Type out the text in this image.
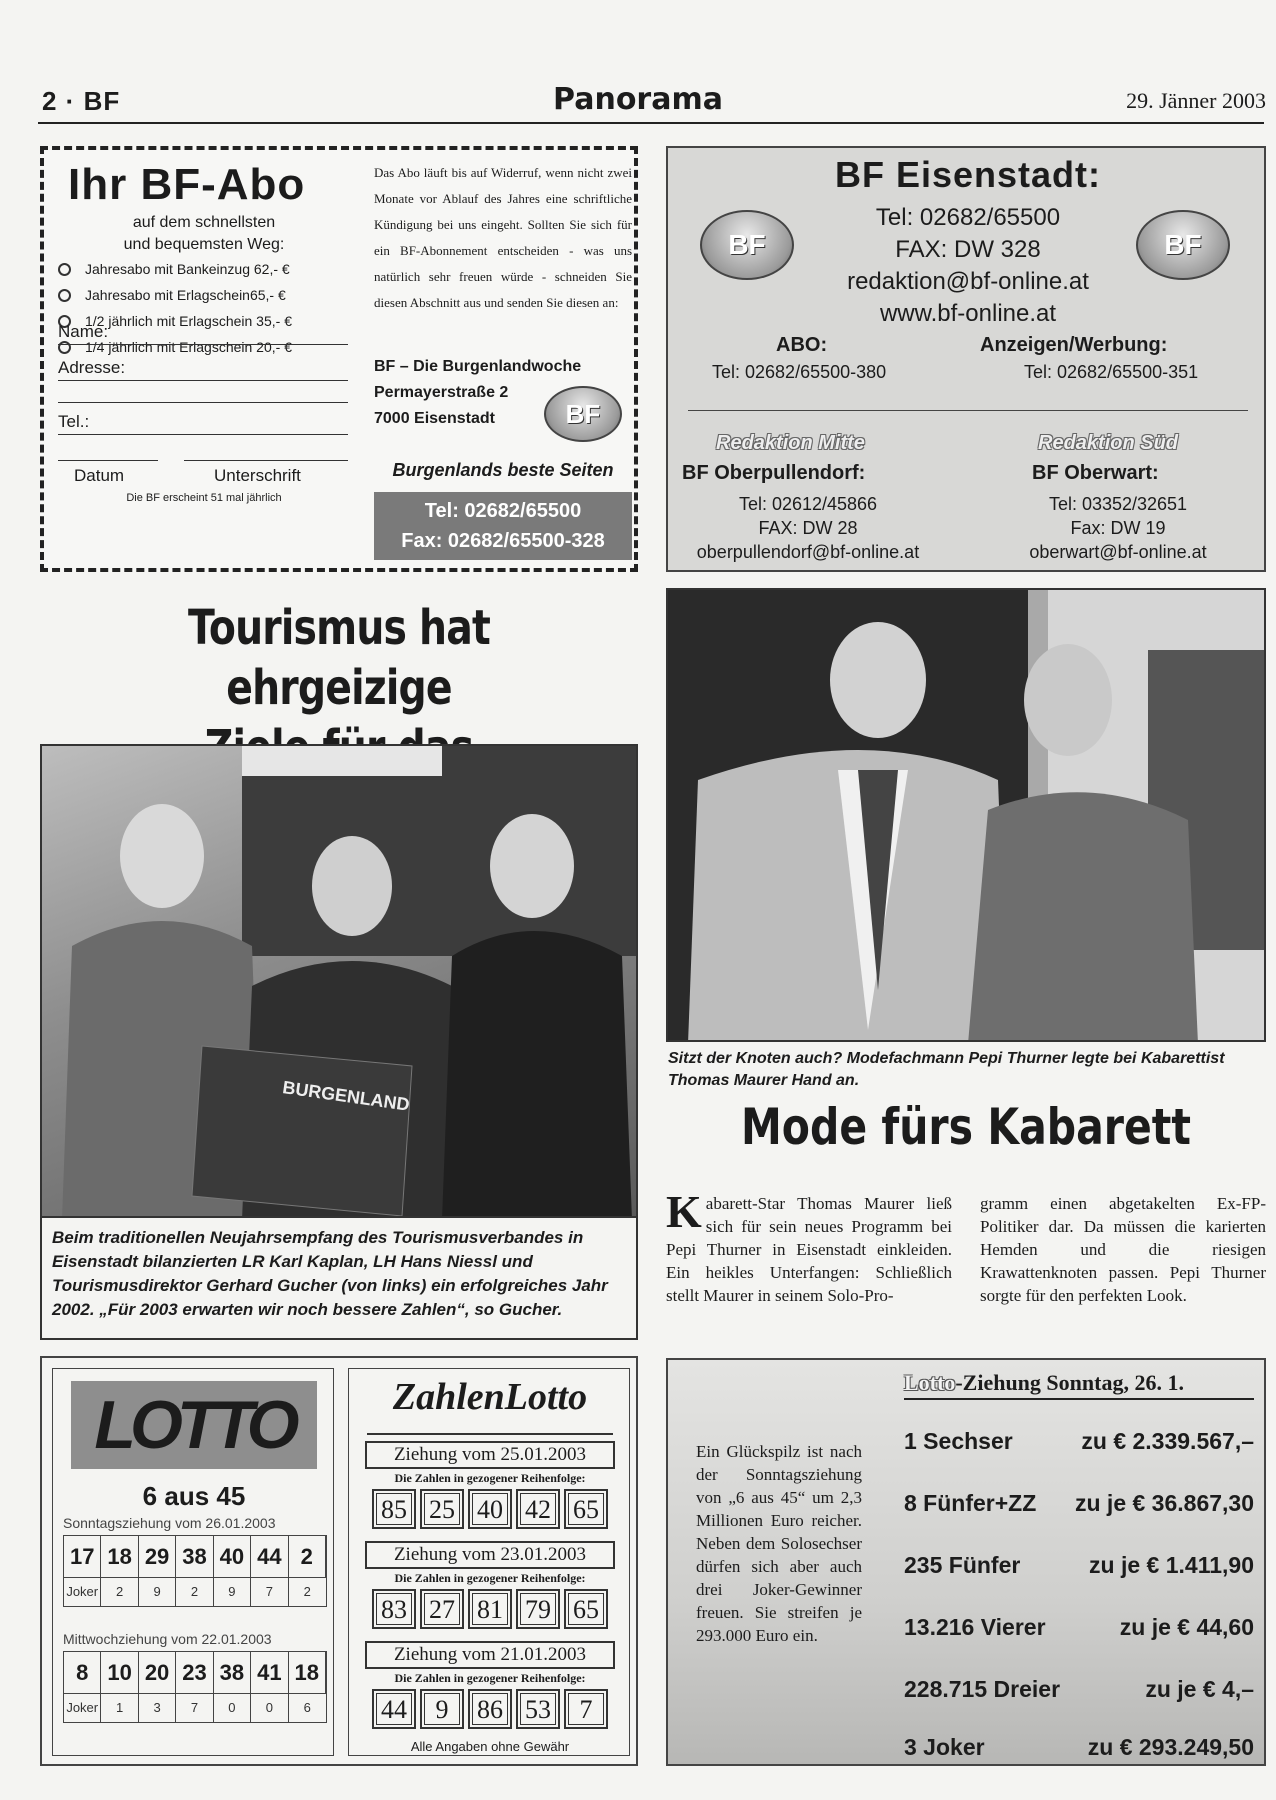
2 · BF	Panorama	29. Jänner 2003
Ihr BF-Abo
auf dem schnellsten
und bequemsten Weg:
Jahresabo mit Bankeinzug 62,- €
Jahresabo mit Erlagschein65,- €
1/2 jährlich mit Erlagschein 35,- €
1/4 jährlich mit Erlagschein 20,- €
Name:
Adresse:
Tel.:
Datum	Unterschrift
Die BF erscheint 51 mal jährlich
Das Abo läuft bis auf Widerruf, wenn nicht zwei Monate vor Ablauf des Jahres eine schriftliche Kündigung bei uns eingeht. Sollten Sie sich für ein BF-Abonnement entscheiden - was uns natürlich sehr freuen würde - schneiden Sie diesen Abschnitt aus und senden Sie diesen an:
BF – Die Burgenlandwoche
Permayerstraße 2
7000 Eisenstadt	BF
Burgenlands beste Seiten
Tel: 02682/65500
Fax: 02682/65500-328
BF Eisenstadt:
BF	BF
Tel: 02682/65500
FAX: DW 328
redaktion@bf-online.at
www.bf-online.at
ABO:
Tel: 02682/65500-380
Anzeigen/Werbung:
Tel: 02682/65500-351
Redaktion Mitte
BF Oberpullendorf:
Tel: 02612/45866
FAX: DW 28
oberpullendorf@bf-online.at
Redaktion Süd
BF Oberwart:
Tel: 03352/32651
Fax: DW 19
oberwart@bf-online.at
Tourismus hat ehrgeizige
BURGENLAND
Beim traditionellen Neujahrsempfang des Tourismusverbandes in Eisenstadt bilanzierten LR Karl Kaplan, LH Hans Niessl und Tourismusdirektor Gerhard Gucher (von links) ein erfolgreiches Jahr 2002. „Für 2003 erwarten wir noch bessere Zahlen“, so Gucher.
Sitzt der Knoten auch? Modefachmann Pepi Thurner legte bei Kabarettist Thomas Maurer Hand an.
Mode fürs Kabarett
Kabarett-Star Thomas Maurer ließ sich für sein neues Programm bei Pepi Thurner in Eisenstadt einkleiden. Ein heikles Unterfangen: Schließlich stellt Maurer in seinem Solo-Pro-
gramm einen abgetakelten Ex-FP-Politiker dar. Da müssen die karierten Hemden und die riesigen Krawattenknoten passen. Pepi Thurner sorgte für den perfekten Look.
LOTTO
6 aus 45
Sonntagsziehung vom 26.01.2003
17 18 29 38 40 44 2
Joker	2	9	2	9	7	2
Mittwochziehung vom 22.01.2003
8 10 20 23 38 41 18
Joker	1	3	7	0	0	6
ZahlenLotto
Ziehung vom 25.01.2003
Die Zahlen in gezogener Reihenfolge:
85 25 40 42 65
Ziehung vom 23.01.2003
Die Zahlen in gezogener Reihenfolge:
83 27 81 79 65
Ziehung vom 21.01.2003
Die Zahlen in gezogener Reihenfolge:
44	9	86 53	7
Alle Angaben ohne Gewähr
Lotto-Ziehung Sonntag, 26. 1.
Ein Glückspilz ist nach der Sonntagsziehung von „6 aus 45“ um 2,3 Millionen Euro reicher. Neben dem Solosechser dürfen sich aber auch drei Joker-Gewinner freuen. Sie streifen je 293.000 Euro ein.
1 Sechser	zu € 2.339.567,–
8 Fünfer+ZZ zu je € 36.867,30
235 Fünfer	zu je € 1.411,90
13.216 Vierer	zu je € 44,60
228.715 Dreier	zu je € 4,–
3 Joker	zu € 293.249,50
